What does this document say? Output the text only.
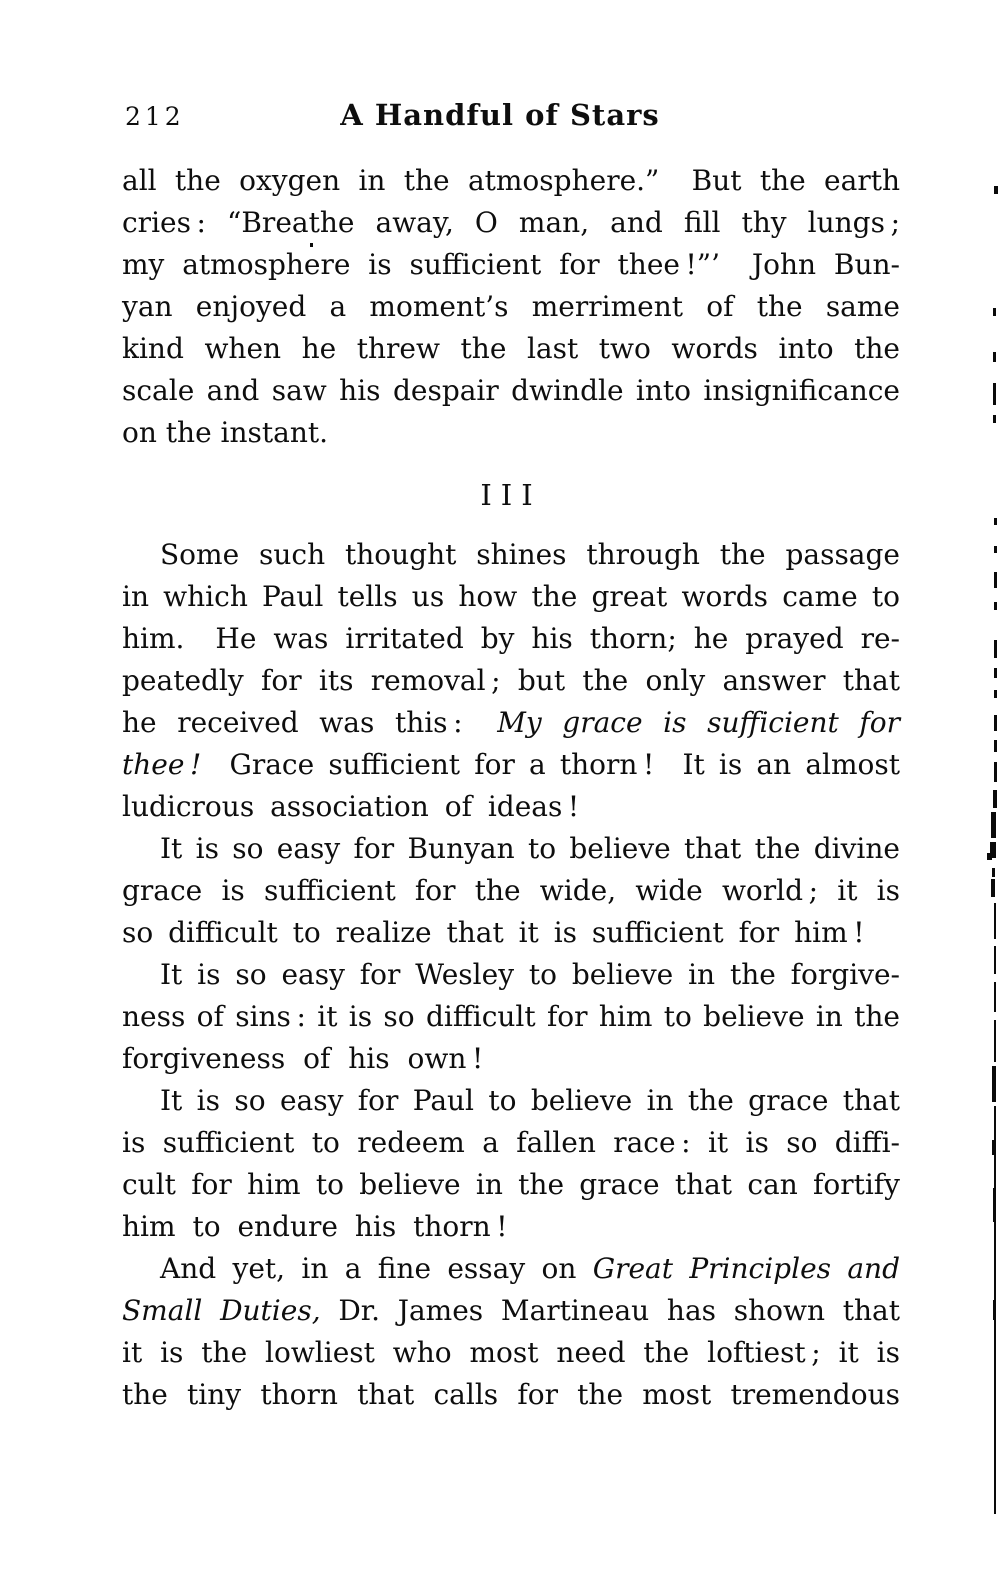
212	A Handful of Stars
all the oxygen in the atmosphere.”  But the earth
cries : “Breathe away, O man, and fill thy lungs ;
my atmosphere is sufficient for thee !”’  John Bun-
yan enjoyed a moment’s merriment of the same
kind when he threw the last two words into the
scale and saw his despair dwindle into insignificance
on the instant.
III
Some such thought shines through the passage
in which Paul tells us how the great words came to
him.  He was irritated by his thorn; he prayed re-
peatedly for its removal ; but the only answer that
he received was this :  My grace is sufficient for
thee !  Grace sufficient for a thorn !  It is an almost
ludicrous association of ideas !
It is so easy for Bunyan to believe that the divine
grace is sufficient for the wide, wide world ; it is
so difficult to realize that it is sufficient for him !
It is so easy for Wesley to believe in the forgive-
ness of sins : it is so difficult for him to believe in the
forgiveness of his own !
It is so easy for Paul to believe in the grace that
is sufficient to redeem a fallen race : it is so diffi-
cult for him to believe in the grace that can fortify
him to endure his thorn !
And yet, in a fine essay on Great Principles and
Small Duties, Dr. James Martineau has shown that
it is the lowliest who most need the loftiest ; it is
the tiny thorn that calls for the most tremendous
